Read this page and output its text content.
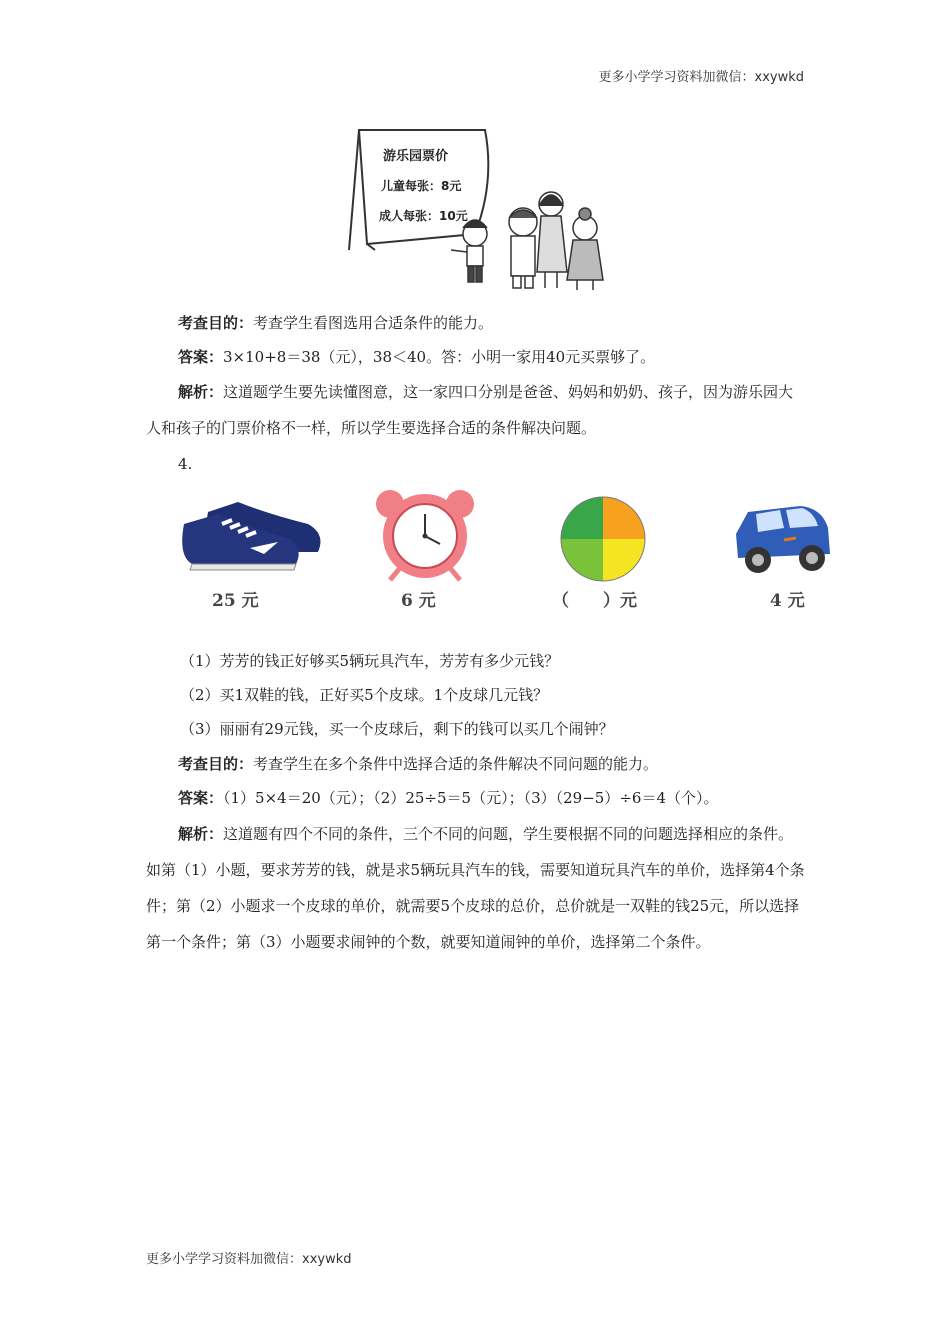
更多小学学习资料加微信：xxywkd
游乐园票价
儿童每张：8元
成人每张：10元
考查目的：考查学生看图选用合适条件的能力。
答案：3×10+8＝38（元），38＜40。答：小明一家用40元买票够了。
解析：这道题学生要先读懂图意，这一家四口分别是爸爸、妈妈和奶奶、孩子，因为游乐园大人和孩子的门票价格不一样，所以学生要选择合适的条件解决问题。
4.
25 元	6 元	（　　）元	4 元
（1）芳芳的钱正好够买5辆玩具汽车，芳芳有多少元钱？
（2）买1双鞋的钱，正好买5个皮球。1个皮球几元钱？
（3）丽丽有29元钱，买一个皮球后，剩下的钱可以买几个闹钟？
考查目的：考查学生在多个条件中选择合适的条件解决不同问题的能力。
答案：（1）5×4＝20（元）；（2）25÷5＝5（元）；（3）（29−5）÷6＝4（个）。
解析：这道题有四个不同的条件，三个不同的问题，学生要根据不同的问题选择相应的条件。如第（1）小题，要求芳芳的钱，就是求5辆玩具汽车的钱，需要知道玩具汽车的单价，选择第4个条件；第（2）小题求一个皮球的单价，就需要5个皮球的总价，总价就是一双鞋的钱25元，所以选择第一个条件；第（3）小题要求闹钟的个数，就要知道闹钟的单价，选择第二个条件。
更多小学学习资料加微信：xxywkd
